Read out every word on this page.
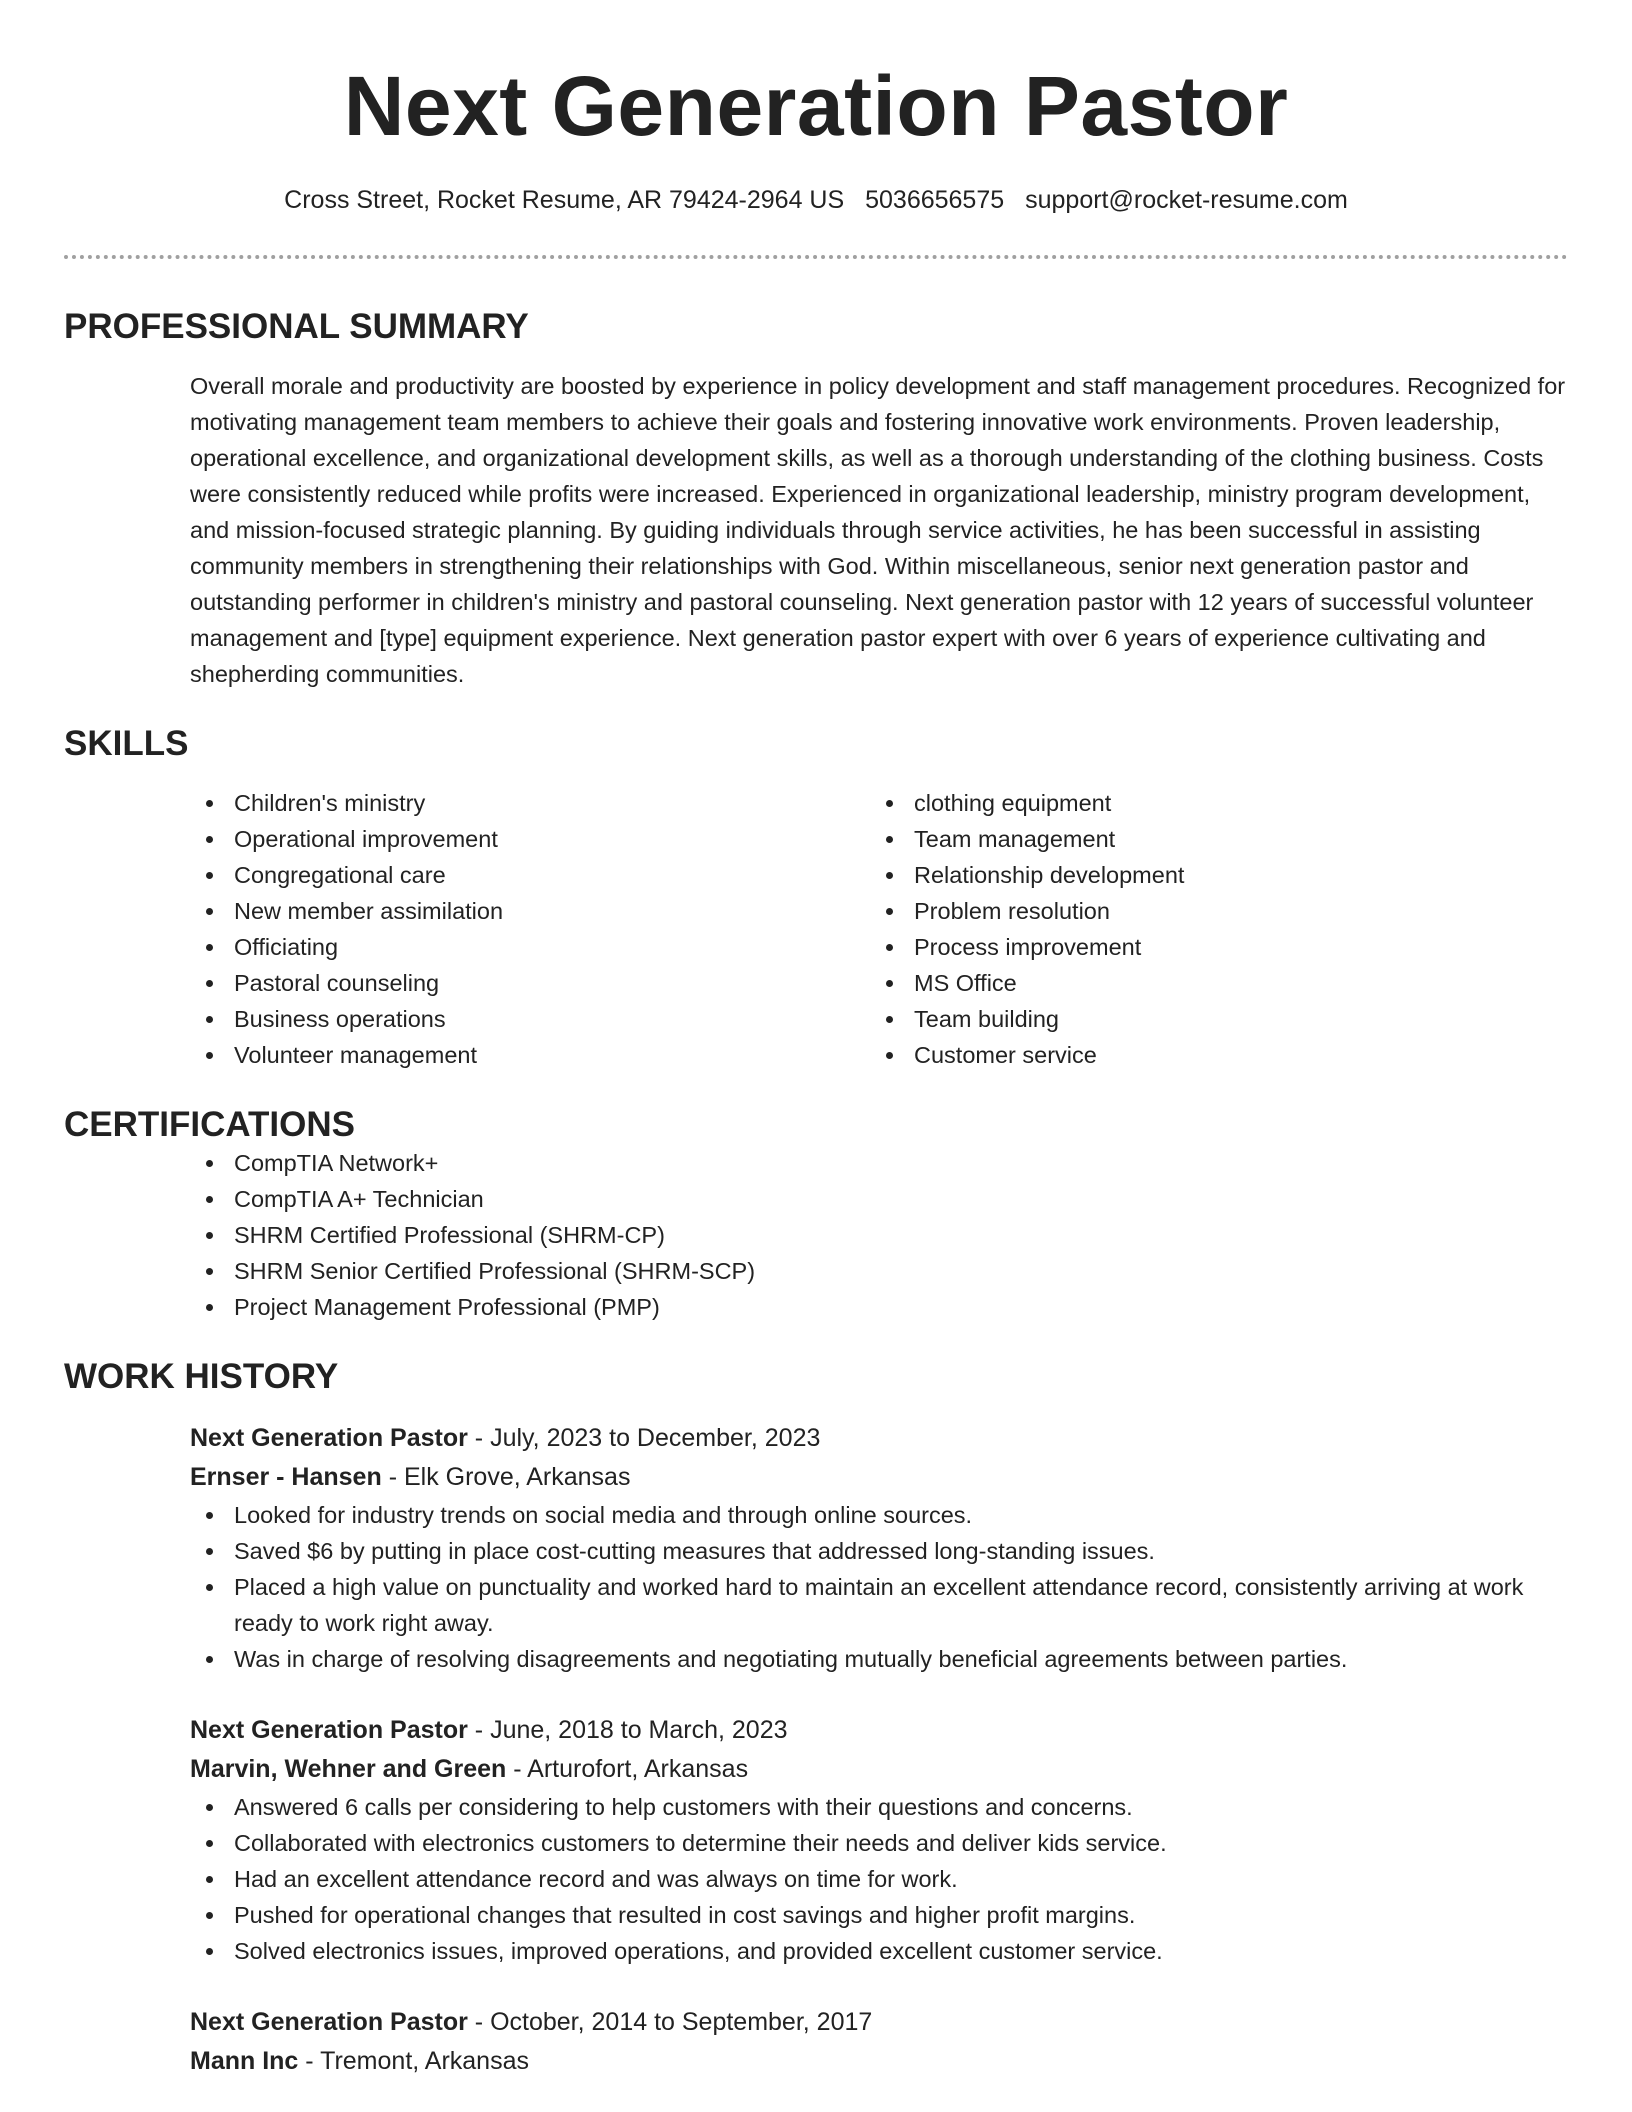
Next Generation Pastor
Cross Street, Rocket Resume, AR 79424-2964 US 5036656575 support@rocket-resume.com
PROFESSIONAL SUMMARY

Overall morale and productivity are boosted by experience in policy development and staff management procedures. Recognized for motivating management team members to achieve their goals and fostering innovative work environments. Proven leadership, operational excellence, and organizational development skills, as well as a thorough understanding of the clothing business. Costs were consistently reduced while profits were increased. Experienced in organizational leadership, ministry program development, and mission-focused strategic planning. By guiding individuals through service activities, he has been successful in assisting community members in strengthening their relationships with God. Within miscellaneous, senior next generation pastor and outstanding performer in children's ministry and pastoral counseling. Next generation pastor with 12 years of successful volunteer management and [type] equipment experience. Next generation pastor expert with over 6 years of experience cultivating and shepherding communities.

SKILLS
Children's ministry
Operational improvement
Congregational care
New member assimilation
Officiating
Pastoral counseling
Business operations
Volunteer management
clothing equipment
Team management
Relationship development
Problem resolution
Process improvement
MS Office
Team building
Customer service
CERTIFICATIONS
CompTIA Network+
CompTIA A+ Technician
SHRM Certified Professional (SHRM-CP)
SHRM Senior Certified Professional (SHRM-SCP)
Project Management Professional (PMP)
WORK HISTORY
Next Generation Pastor - July, 2023 to December, 2023
Ernser - Hansen - Elk Grove, Arkansas
Looked for industry trends on social media and through online sources.
Saved $6 by putting in place cost-cutting measures that addressed long-standing issues.
Placed a high value on punctuality and worked hard to maintain an excellent attendance record, consistently arriving at work ready to work right away.
Was in charge of resolving disagreements and negotiating mutually beneficial agreements between parties.
Next Generation Pastor - June, 2018 to March, 2023
Marvin, Wehner and Green - Arturofort, Arkansas
Answered 6 calls per considering to help customers with their questions and concerns.
Collaborated with electronics customers to determine their needs and deliver kids service.
Had an excellent attendance record and was always on time for work.
Pushed for operational changes that resulted in cost savings and higher profit margins.
Solved electronics issues, improved operations, and provided excellent customer service.
Next Generation Pastor - October, 2014 to September, 2017
Mann Inc - Tremont, Arkansas
